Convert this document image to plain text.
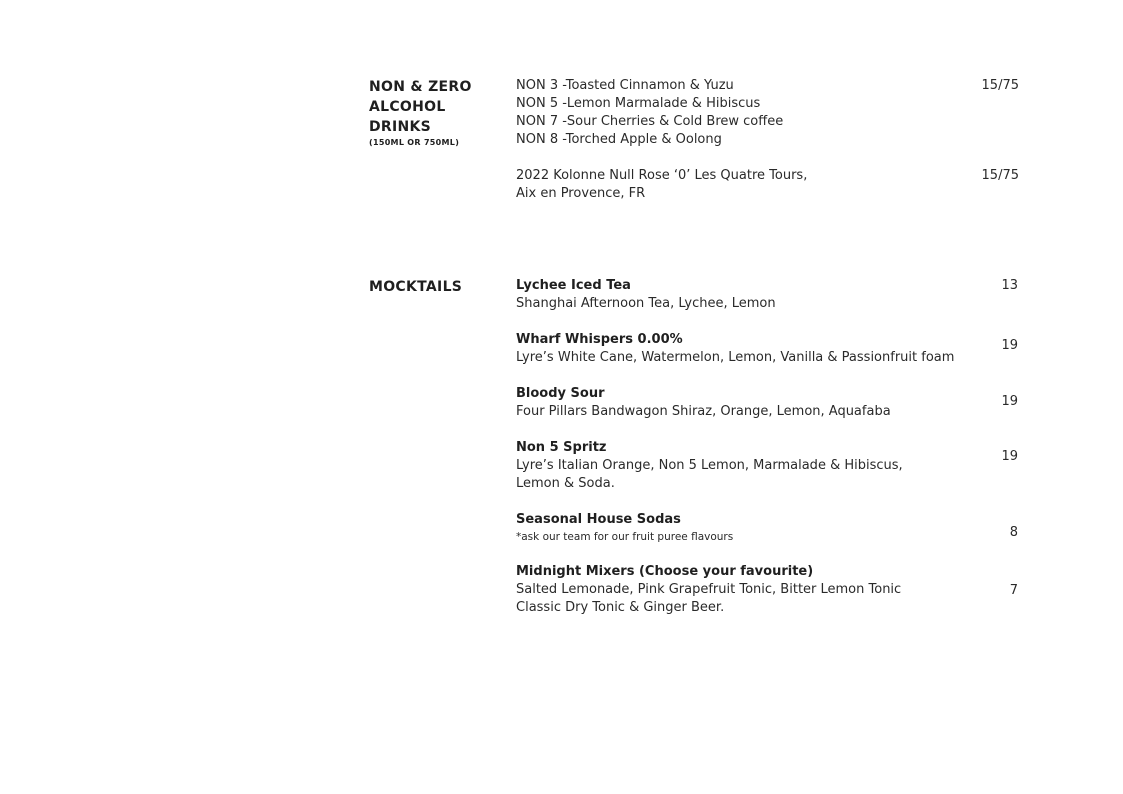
NON & ZERO
ALCOHOL
DRINKS
(150ML OR 750ML)
NON 3 -Toasted Cinnamon & Yuzu
NON 5 -Lemon Marmalade & Hibiscus
NON 7 -Sour Cherries & Cold Brew coffee
NON 8 -Torched Apple & Oolong
15/75
2022 Kolonne Null Rose ‘0’ Les Quatre Tours,
Aix en Provence, FR
15/75
MOCKTAILS	Lychee Iced Tea
Shanghai Afternoon Tea, Lychee, Lemon
13
Wharf Whispers 0.00%
Lyre’s White Cane, Watermelon, Lemon, Vanilla & Passionfruit foam
19
Bloody Sour
Four Pillars Bandwagon Shiraz, Orange, Lemon, Aquafaba
19
Non 5 Spritz
Lyre’s Italian Orange, Non 5 Lemon, Marmalade & Hibiscus,
Lemon & Soda.
19
Seasonal House Sodas
*ask our team for our fruit puree flavours	8
Midnight Mixers (Choose your favourite)
Salted Lemonade, Pink Grapefruit Tonic, Bitter Lemon Tonic
Classic Dry Tonic & Ginger Beer.
7
